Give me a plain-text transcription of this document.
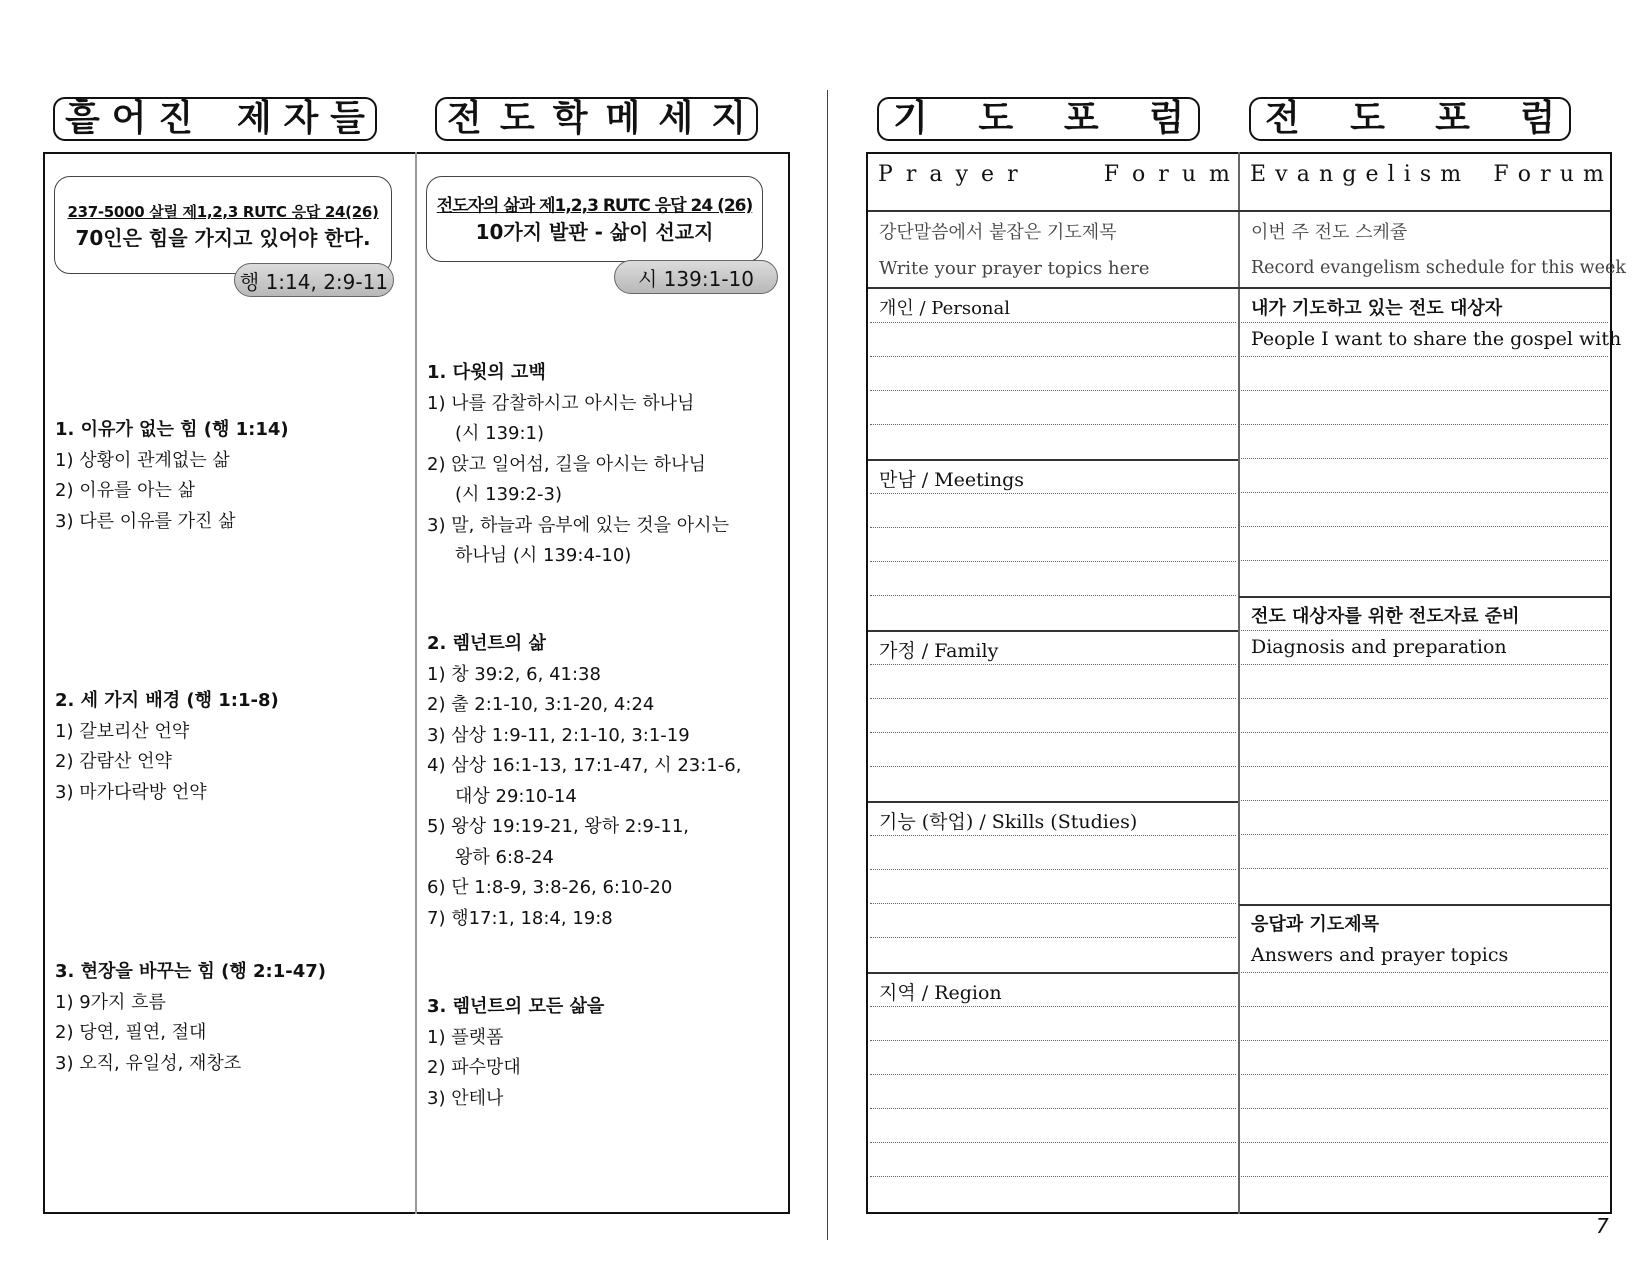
흩 어 진 제 자 들 전 도 학 메 세 지
237-5000 살릴 제1,2,3 RUTC 응답 24(26)
70인은 힘을 가지고 있어야 한다.
행 1:14, 2:9-11
1. 이유가 없는 힘 (행 1:14)
1) 상황이 관계없는 삶
2) 이유를 아는 삶
3) 다른 이유를 가진 삶
2. 세 가지 배경 (행 1:1-8)
1) 갈보리산 언약
2) 감람산 언약
3) 마가다락방 언약
3. 현장을 바꾸는 힘 (행 2:1-47)
1) 9가지 흐름
2) 당연, 필연, 절대
3) 오직, 유일성, 재창조
전도자의 삶과 제1,2,3 RUTC 응답 24 (26)
10가지 발판 - 삶이 선교지
시 139:1-10
1. 다윗의 고백
1) 나를 감찰하시고 아시는 하나님
(시 139:1)
2) 앉고 일어섬, 길을 아시는 하나님
(시 139:2-3)
3) 말, 하늘과 음부에 있는 것을 아시는
하나님 (시 139:4-10)
2. 렘넌트의 삶
1) 창 39:2, 6, 41:38
2) 출 2:1-10, 3:1-20, 4:24
3) 삼상 1:9-11, 2:1-10, 3:1-19
4) 삼상 16:1-13, 17:1-47, 시 23:1-6,
대상 29:10-14
5) 왕상 19:19-21, 왕하 2:9-11,
왕하 6:8-24
6) 단 1:8-9, 3:8-26, 6:10-20
7) 행17:1, 18:4, 19:8
3. 렘넌트의 모든 삶을
1) 플랫폼
2) 파수망대
3) 안테나
기 도 포 럼 전 도 포 럼
P r a y e r	F o r u m E v a n g e l i s m F o r u m
강단말씀에서 붙잡은 기도제목
Write your prayer topics here
이번 주 전도 스케쥴
Record evangelism schedule for this week
개인 / Personal
만남 / Meetings
가정 / Family
기능 (학업) / Skills (Studies)
지역 / Region
내가 기도하고 있는 전도 대상자
People I want to share the gospel with
전도 대상자를 위한 전도자료 준비
Diagnosis and preparation
응답과 기도제목
Answers and prayer topics
7
